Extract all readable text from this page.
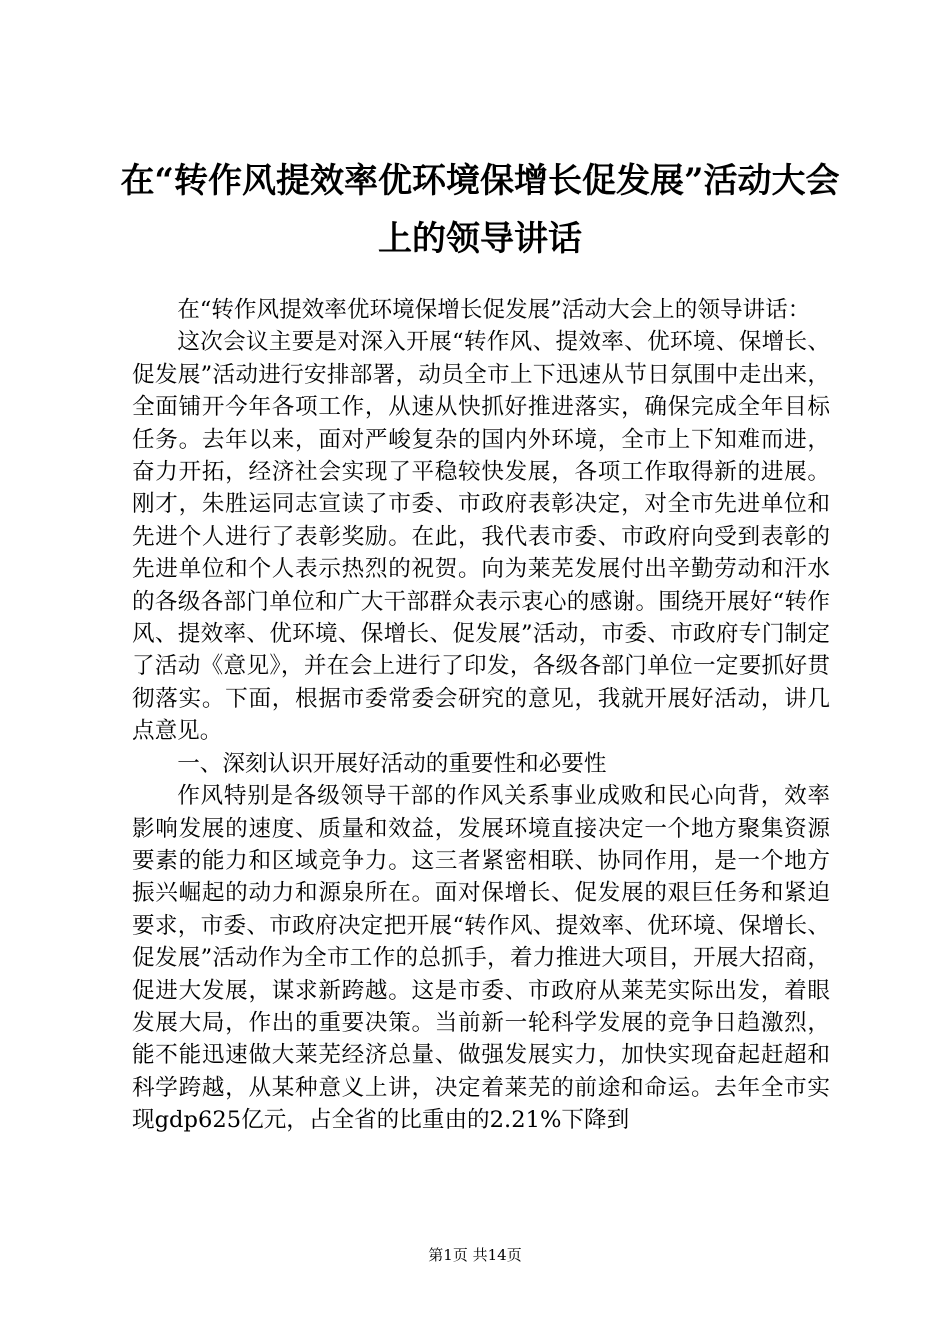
在“转作风提效率优环境保增长促发展”活动大会上的领导讲话

在“转作风提效率优环境保增长促发展”活动大会上的领导讲话：

这次会议主要是对深入开展“转作风、提效率、优环境、保增长、促发展”活动进行安排部署，动员全市上下迅速从节日氛围中走出来，全面铺开今年各项工作，从速从快抓好推进落实，确保完成全年目标任务。去年以来，面对严峻复杂的国内外环境，全市上下知难而进，奋力开拓，经济社会实现了平稳较快发展，各项工作取得新的进展。刚才，朱胜运同志宣读了市委、市政府表彰决定，对全市先进单位和先进个人进行了表彰奖励。在此，我代表市委、市政府向受到表彰的先进单位和个人表示热烈的祝贺。向为莱芜发展付出辛勤劳动和汗水的各级各部门单位和广大干部群众表示衷心的感谢。围绕开展好“转作风、提效率、优环境、保增长、促发展”活动，市委、市政府专门制定了活动《意见》，并在会上进行了印发，各级各部门单位一定要抓好贯彻落实。下面，根据市委常委会研究的意见，我就开展好活动，讲几点意见。

一、深刻认识开展好活动的重要性和必要性

作风特别是各级领导干部的作风关系事业成败和民心向背，效率影响发展的速度、质量和效益，发展环境直接决定一个地方聚集资源要素的能力和区域竞争力。这三者紧密相联、协同作用，是一个地方振兴崛起的动力和源泉所在。面对保增长、促发展的艰巨任务和紧迫要求，市委、市政府决定把开展“转作风、提效率、优环境、保增长、促发展”活动作为全市工作的总抓手，着力推进大项目，开展大招商，促进大发展，谋求新跨越。这是市委、市政府从莱芜实际出发，着眼发展大局，作出的重要决策。当前新一轮科学发展的竞争日趋激烈，能不能迅速做大莱芜经济总量、做强发展实力，加快实现奋起赶超和科学跨越，从某种意义上讲，决定着莱芜的前途和命运。去年全市实现gdp625亿元，占全省的比重由的2.21%下降到

第1页 共14页
